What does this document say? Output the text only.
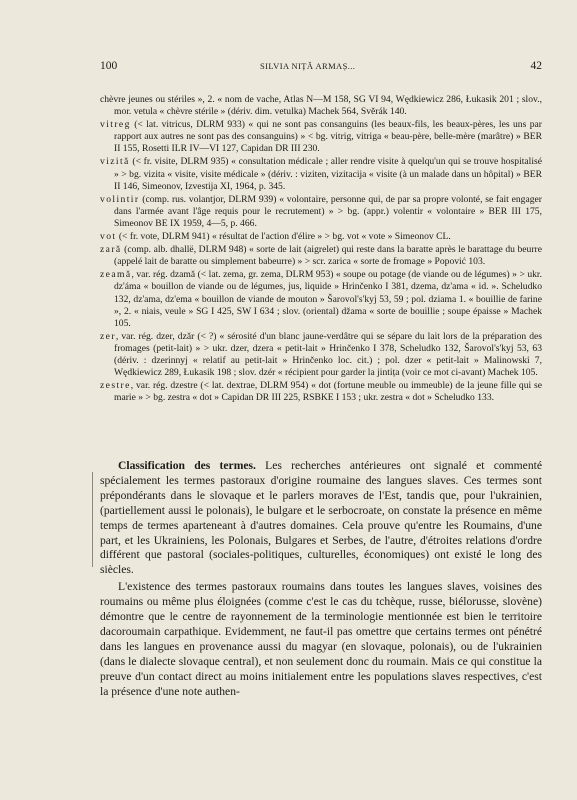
100	SILVIA NIȚĂ ARMAȘ...	42
chèvre jeunes ou stériles », 2. « nom de vache, Atlas N—M 158, SG VI 94, Wędkiewicz 286, Łukasik 201 ; slov., mor. vetula « chèvre stérile » (dériv. dim. vetulka) Machek 564, Svěrák 140.
vitreg (< lat. vitricus, DLRM 933) « qui ne sont pas consanguins (les beaux-fils, les beaux-pères, les uns par rapport aux autres ne sont pas des consanguins) » < bg. vitrig, vitriga « beau-père, belle-mère (marâtre) » BER II 155, Rosetti ILR IV—VI 127, Capidan DR III 230.
vizită (< fr. visite, DLRM 935) « consultation médicale ; aller rendre visite à quelqu'un qui se trouve hospitalisé » > bg. vizita « visite, visite médicale » (dériv. : viziten, vizitacija « visite (à un malade dans un hôpital) » BER II 146, Simeonov, Izvestija XI, 1964, p. 345.
volintir (comp. rus. volantjor, DLRM 939) « volontaire, personne qui, de par sa propre volonté, se fait engager dans l'armée avant l'âge requis pour le recrutement) » > bg. (appr.) volentir « volontaire » BER III 175, Simeonov BE IX 1959, 4—5, p. 466.
vot (< fr. vote, DLRM 941) « résultat de l'action d'élire » > bg. vot « vote » Simeonov CL.
zară (comp. alb. dhallë, DLRM 948) « sorte de lait (aigrelet) qui reste dans la baratte après le barattage du beurre (appelé lait de baratte ou simplement babeurre) » > scr. zarica « sorte de fromage » Popović 103.
zeamă, var. rég. dzamă (< lat. zema, gr. zema, DLRM 953) « soupe ou potage (de viande ou de légumes) » > ukr. dz'áma « bouillon de viande ou de légumes, jus, liquide » Hrinčenko I 381, dzema, dz'ama « id. ». Scheludko 132, dz'ama, dz'ema « bouillon de viande de mouton » Šarovol's'kyj 53, 59 ; pol. dziama 1. « bouillie de farine », 2. « niais, veule » SG I 425, SW I 634 ; slov. (oriental) džama « sorte de bouillie ; soupe épaisse » Machek 105.
zer, var. rég. dzer, dzăr (< ?) « sérosité d'un blanc jaune-verdâtre qui se sépare du lait lors de la préparation des fromages (petit-lait) » > ukr. dzer, dzera « petit-lait » Hrinčenko I 378, Scheludko 132, Šarovol's'kyj 53, 63 (dériv. : dzerinnyj « relatif au petit-lait » Hrinčenko loc. cit.) ; pol. dzer « petit-lait » Malinowski 7, Wędkiewicz 289, Łukasik 198 ; slov. dzér « récipient pour garder la jintița (voir ce mot ci-avant) Machek 105.
zestre, var. rég. dzestre (< lat. dextrae, DLRM 954) « dot (fortune meuble ou immeuble) de la jeune fille qui se marie » > bg. zestra « dot » Capidan DR III 225, RSBKE I 153 ; ukr. zestra « dot » Scheludko 133.

Classification des termes. Les recherches antérieures ont signalé et commenté spécialement les termes pastoraux d'origine roumaine des langues slaves. Ces termes sont prépondérants dans le slovaque et le parlers moraves de l'Est, tandis que, pour l'ukrainien, (partiellement aussi le polonais), le bulgare et le serbocroate, on constate la présence en même temps de termes aparteneant à d'autres domaines. Cela prouve qu'entre les Roumains, d'une part, et les Ukrainiens, les Polonais, Bulgares et Serbes, de l'autre, d'étroites relations d'ordre différent que pastoral (sociales-politiques, culturelles, économiques) ont existé le long des siècles.

L'existence des termes pastoraux roumains dans toutes les langues slaves, voisines des roumains ou même plus éloignées (comme c'est le cas du tchèque, russe, biélorusse, slovène) démontre que le centre de rayonnement de la terminologie mentionnée est bien le territoire dacoroumain carpathique. Evidemment, ne faut-il pas omettre que certains termes ont pénétré dans les langues en provenance aussi du magyar (en slovaque, polonais), ou de l'ukrainien (dans le dialecte slovaque central), et non seulement donc du roumain. Mais ce qui constitue la preuve d'un contact direct au moins initialement entre les populations slaves respectives, c'est la présence d'une note authen-
